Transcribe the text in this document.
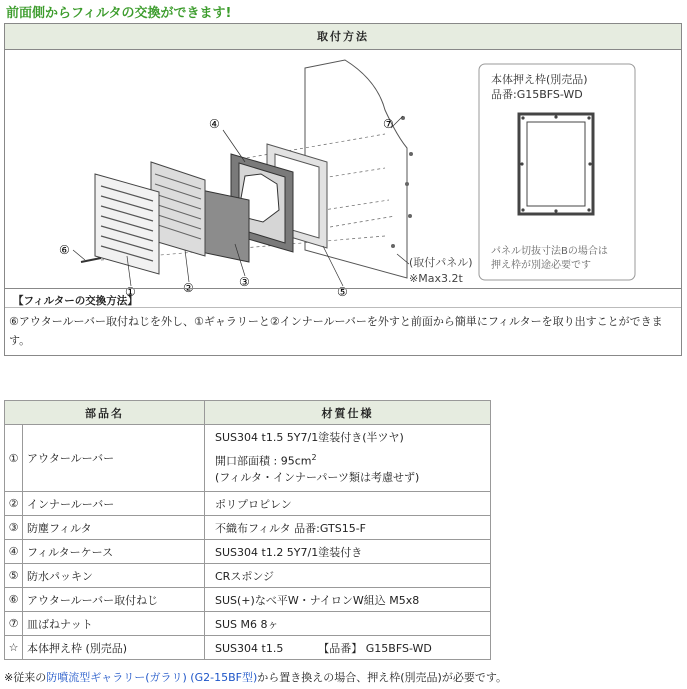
前面側からフィルタの交換ができます!
取付方法
①	②	③
④
⑤
⑥
⑦
(取付パネル)
※Max3.2t
本体押え枠(別売品)
品番:G15BFS-WD
パネル切抜寸法Bの場合は
押え枠が別途必要です
【フィルターの交換方法】
⑥アウタールーバー取付ねじを外し、①ギャラリーと②インナールーバーを外すと前面から簡単にフィルターを取り出すことができます。
部品名		材質仕様
①	アウタールーバー	SUS304 t1.5 5Y7/1塗装付き(半ツヤ)
開口部面積 : $95cm^2$
(フィルタ・インナーパーツ類は考慮せず)

②	インナールーバー	ポリプロピレン
③	防塵フィルタ	不織布フィルタ 品番:GTS15-F
④	フィルターケース	SUS304 t1.2 5Y7/1塗装付き
⑤	防水パッキン	CRスポンジ
⑥	アウタールーバー取付ねじ	SUS(+)なべ平W・ナイロンW組込 M5x8
⑦	皿ばねナット	SUS M6 8ヶ
☆	本体押え枠 (別売品)	SUS304 t1.5          【品番】 G15BFS-WD
※従来の防噴流型ギャラリー(ガラリ) (G2-15BF型)から置き換えの場合、押え枠(別売品)が必要です。
